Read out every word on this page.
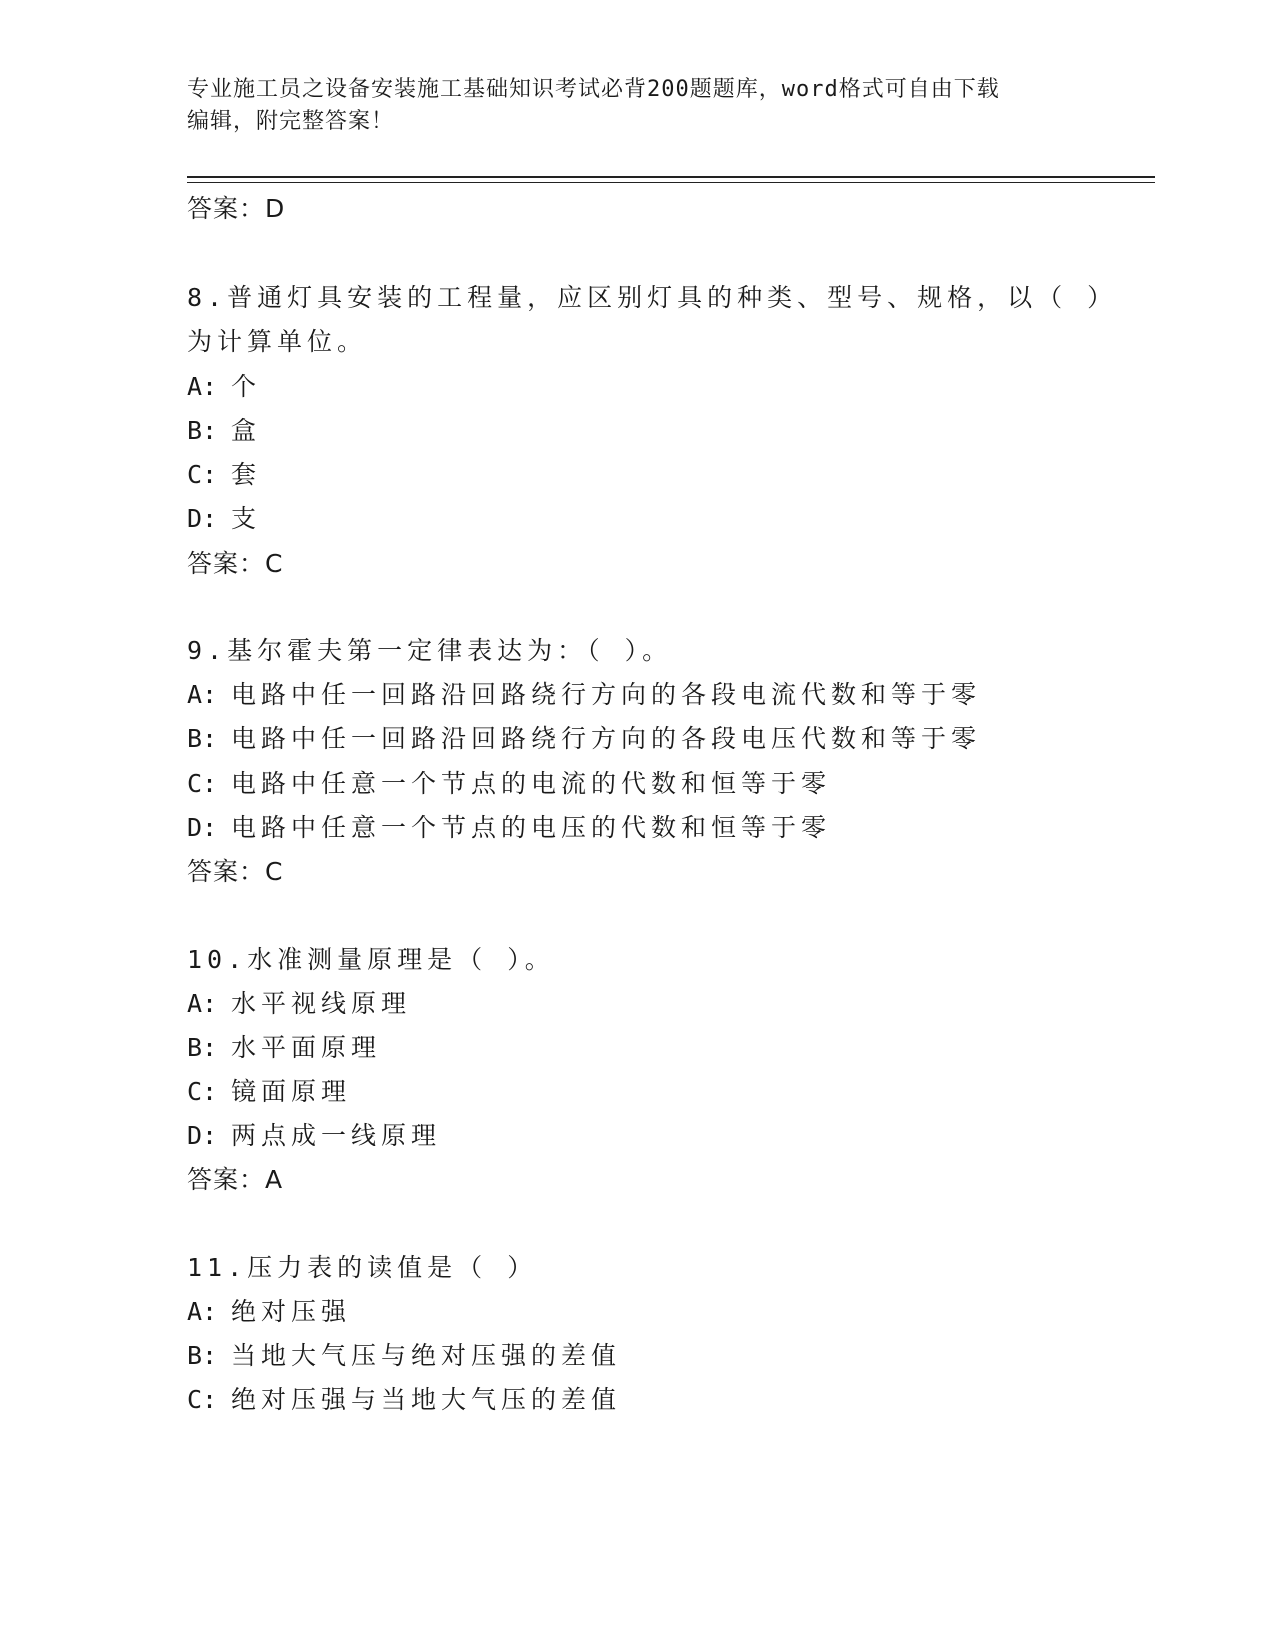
专业施工员之设备安装施工基础知识考试必背200题题库，word格式可自由下载
编辑，附完整答案！
答案：D
8.普通灯具安装的工程量，应区别灯具的种类、型号、规格，以（ ）
为计算单位。
A: 个
B: 盒
C: 套
D: 支
答案：C
9.基尔霍夫第一定律表达为：（ ）。
A: 电路中任一回路沿回路绕行方向的各段电流代数和等于零
B: 电路中任一回路沿回路绕行方向的各段电压代数和等于零
C: 电路中任意一个节点的电流的代数和恒等于零
D: 电路中任意一个节点的电压的代数和恒等于零
答案：C
10.水准测量原理是（ ）。
A: 水平视线原理
B: 水平面原理
C: 镜面原理
D: 两点成一线原理
答案：A
11.压力表的读值是（ ）
A: 绝对压强
B: 当地大气压与绝对压强的差值
C: 绝对压强与当地大气压的差值
